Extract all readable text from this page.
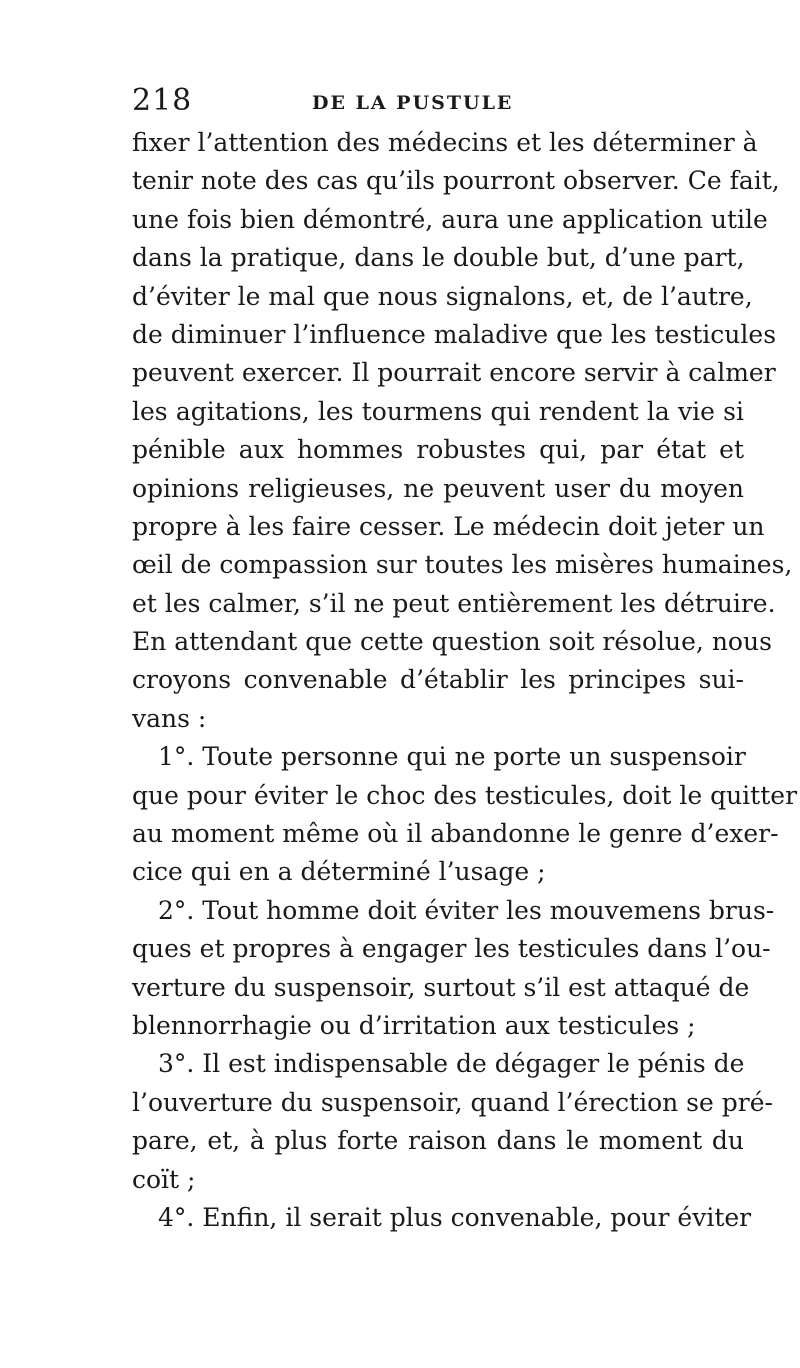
218	DE LA PUSTULE
fixer l’attention des médecins et les déterminer à
tenir note des cas qu’ils pourront observer. Ce fait,
une fois bien démontré, aura une application utile
dans la pratique, dans le double but, d’une part,
d’éviter le mal que nous signalons, et, de l’autre,
de diminuer l’influence maladive que les testicules
peuvent exercer. Il pourrait encore servir à calmer
les agitations, les tourmens qui rendent la vie si
pénible aux hommes robustes qui, par état et
opinions religieuses, ne peuvent user du moyen
propre à les faire cesser. Le médecin doit jeter un
œil de compassion sur toutes les misères humaines,
et les calmer, s’il ne peut entièrement les détruire.
En attendant que cette question soit résolue, nous
croyons convenable d’établir les principes sui-
vans :
1°. Toute personne qui ne porte un suspensoir
que pour éviter le choc des testicules, doit le quitter
au moment même où il abandonne le genre d’exer-
cice qui en a déterminé l’usage ;
2°. Tout homme doit éviter les mouvemens brus-
ques et propres à engager les testicules dans l’ou-
verture du suspensoir, surtout s’il est attaqué de
blennorrhagie ou d’irritation aux testicules ;
3°. Il est indispensable de dégager le pénis de
l’ouverture du suspensoir, quand l’érection se pré-
pare, et, à plus forte raison dans le moment du
coït ;
4°. Enfin, il serait plus convenable, pour éviter
